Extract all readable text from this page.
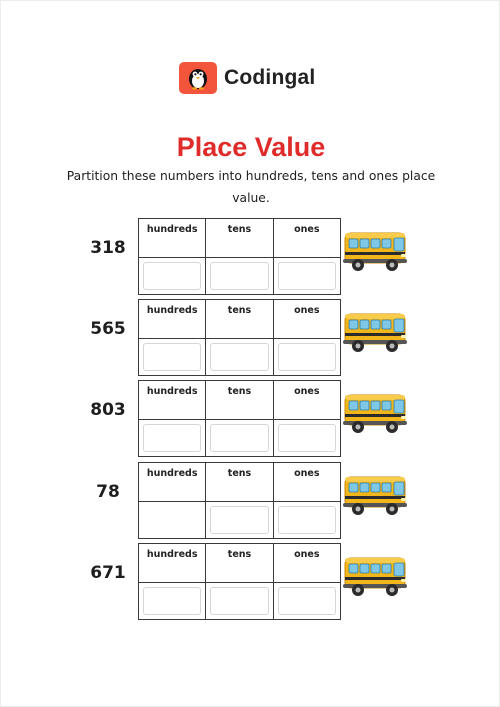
Codingal
Place Value
Partition these numbers into hundreds, tens and ones place value.
318
hundreds	tens	ones

565
hundreds	tens	ones

803
hundreds	tens	ones

78
hundreds	tens	ones

671
hundreds	tens	ones
